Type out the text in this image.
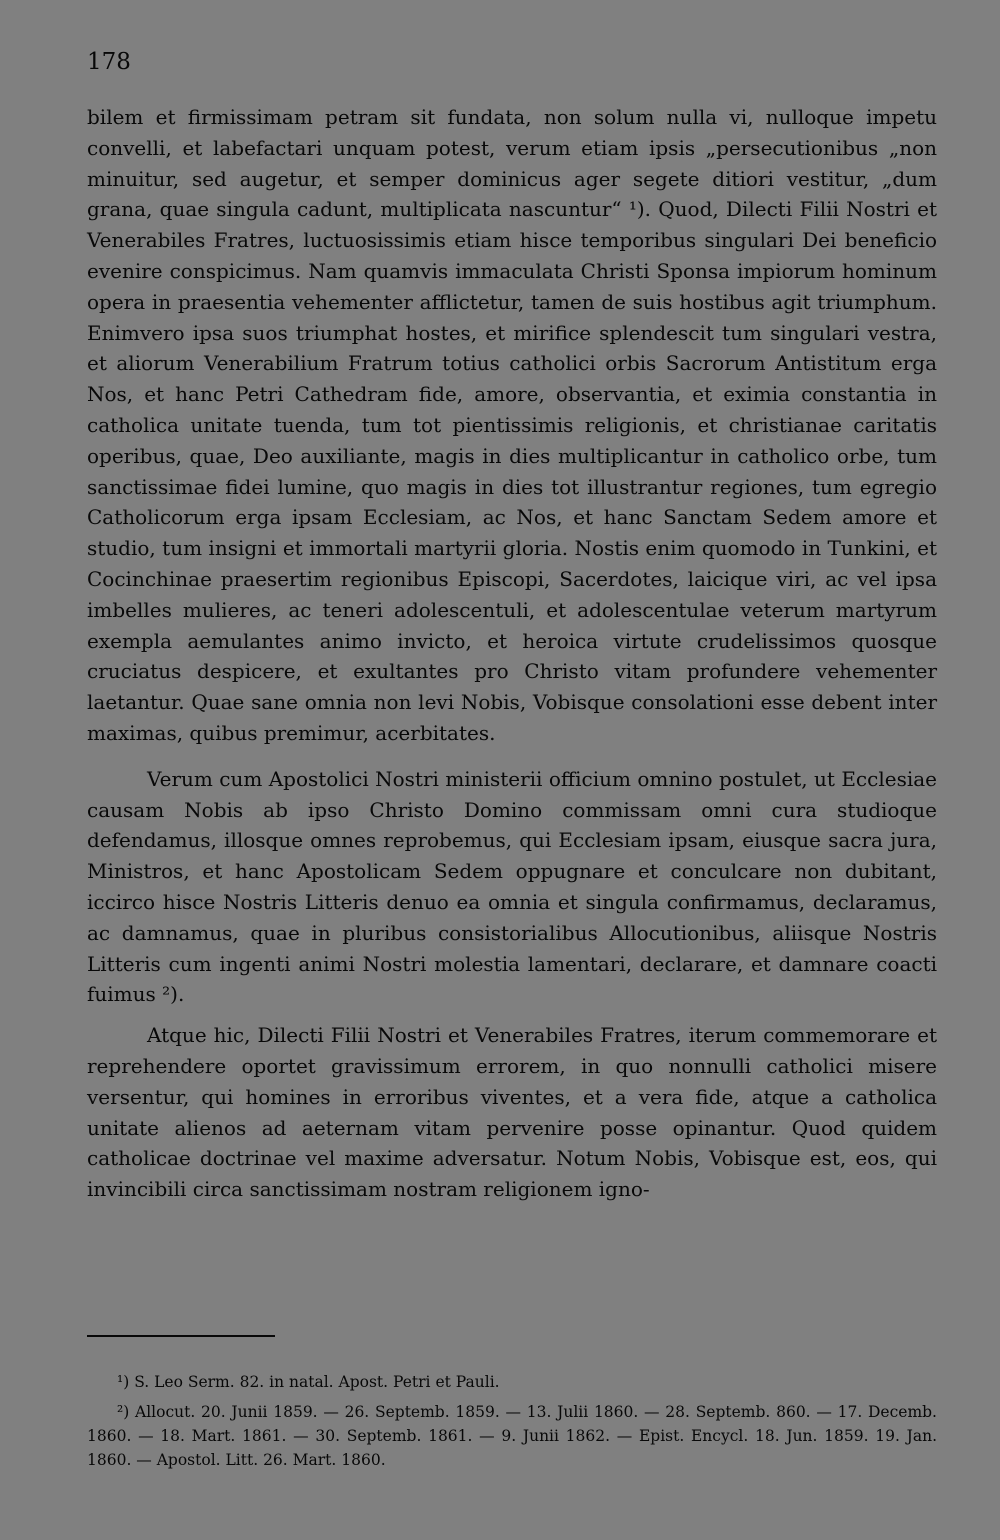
178

bilem et firmissimam petram sit fundata, non solum nulla vi, nulloque impetu convelli, et labefactari unquam potest, verum etiam ipsis „persecutionibus „non minuitur, sed augetur, et semper dominicus ager segete ditiori vestitur, „dum grana, quae singula cadunt, multiplicata nascuntur“ ¹). Quod, Dilecti Filii Nostri et Venerabiles Fratres, luctuosissimis etiam hisce temporibus singulari Dei beneficio evenire conspicimus. Nam quamvis immaculata Christi Sponsa impiorum hominum opera in praesentia vehementer afflictetur, tamen de suis hostibus agit triumphum. Enimvero ipsa suos triumphat hostes, et mirifice splendescit tum singulari vestra, et aliorum Venerabilium Fratrum totius catholici orbis Sacrorum Antistitum erga Nos, et hanc Petri Cathedram fide, amore, observantia, et eximia constantia in catholica unitate tuenda, tum tot pientissimis religionis, et christianae caritatis operibus, quae, Deo auxiliante, magis in dies multiplicantur in catholico orbe, tum sanctissimae fidei lumine, quo magis in dies tot illustrantur regiones, tum egregio Catholicorum erga ipsam Ecclesiam, ac Nos, et hanc Sanctam Sedem amore et studio, tum insigni et immortali martyrii gloria. Nostis enim quomodo in Tunkini, et Cocinchinae praesertim regionibus Episcopi, Sacerdotes, laicique viri, ac vel ipsa imbelles mulieres, ac teneri adolescentuli, et adolescentulae veterum martyrum exempla aemulantes animo invicto, et heroica virtute crudelissimos quosque cruciatus despicere, et exultantes pro Christo vitam profundere vehementer laetantur. Quae sane omnia non levi Nobis, Vobisque consolationi esse debent inter maximas, quibus premimur, acerbitates.

Verum cum Apostolici Nostri ministerii officium omnino postulet, ut Ecclesiae causam Nobis ab ipso Christo Domino commissam omni cura studioque defendamus, illosque omnes reprobemus, qui Ecclesiam ipsam, eiusque sacra jura, Ministros, et hanc Apostolicam Sedem oppugnare et conculcare non dubitant, iccirco hisce Nostris Litteris denuo ea omnia et singula confirmamus, declaramus, ac damnamus, quae in pluribus consistorialibus Allocutionibus, aliisque Nostris Litteris cum ingenti animi Nostri molestia lamentari, declarare, et damnare coacti fuimus ²).

Atque hic, Dilecti Filii Nostri et Venerabiles Fratres, iterum commemorare et reprehendere oportet gravissimum errorem, in quo nonnulli catholici misere versentur, qui homines in erroribus viventes, et a vera fide, atque a catholica unitate alienos ad aeternam vitam pervenire posse opinantur. Quod quidem catholicae doctrinae vel maxime adversatur. Notum Nobis, Vobisque est, eos, qui invincibili circa sanctissimam nostram religionem igno-

¹) S. Leo Serm. 82. in natal. Apost. Petri et Pauli.

²) Allocut. 20. Junii 1859. — 26. Septemb. 1859. — 13. Julii 1860. — 28. Septemb. 860. — 17. Decemb. 1860. — 18. Mart. 1861. — 30. Septemb. 1861. — 9. Junii 1862. — Epist. Encycl. 18. Jun. 1859. 19. Jan. 1860. — Apostol. Litt. 26. Mart. 1860.
